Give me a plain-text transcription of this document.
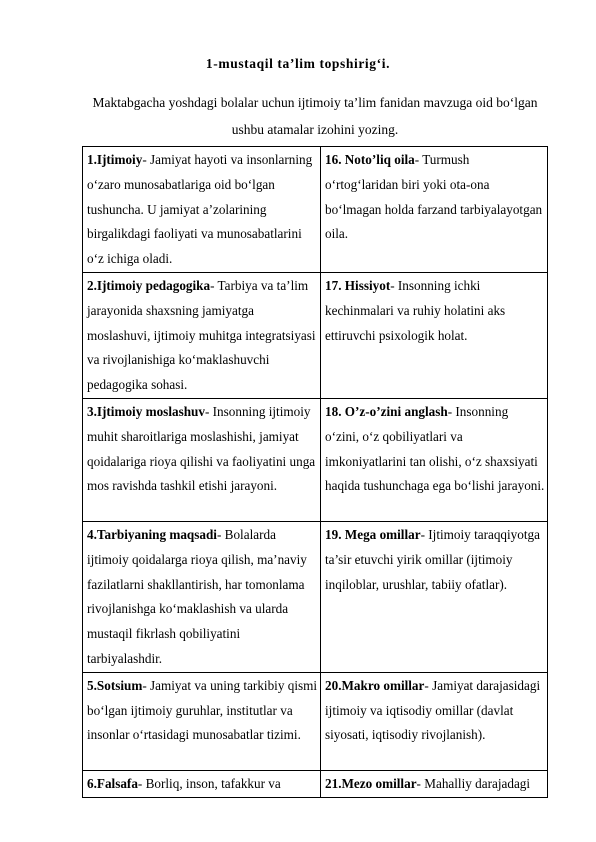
1-mustaqil ta’lim topshirig‘i.
Maktabgacha yoshdagi bolalar uchun ijtimoiy ta’lim fanidan mavzuga oid bo‘lgan ushbu atamalar izohini yozing.
1.Ijtimoiy- Jamiyat hayoti va insonlarning o‘zaro munosabatlariga oid bo‘lgan tushuncha. U jamiyat a’zolarining birgalikdagi faoliyati va munosabatlarini o‘z ichiga oladi.	16. Noto’liq oila- Turmush o‘rtog‘laridan biri yoki ota-ona bo‘lmagan holda farzand tarbiyalayotgan oila.
2.Ijtimoiy pedagogika- Tarbiya va ta’lim jarayonida shaxsning jamiyatga moslashuvi, ijtimoiy muhitga integratsiyasi va rivojlanishiga ko‘maklashuvchi pedagogika sohasi.	17. Hissiyot- Insonning ichki kechinmalari va ruhiy holatini aks ettiruvchi psixologik holat.
3.Ijtimoiy moslashuv- Insonning ijtimoiy muhit sharoitlariga moslashishi, jamiyat qoidalariga rioya qilishi va faoliyatini unga mos ravishda tashkil etishi jarayoni.	18. O’z-o’zini anglash- Insonning o‘zini, o‘z qobiliyatlari va imkoniyatlarini tan olishi, o‘z shaxsiyati haqida tushunchaga ega bo‘lishi jarayoni.
4.Tarbiyaning maqsadi- Bolalarda ijtimoiy qoidalarga rioya qilish, ma’naviy fazilatlarni shakllantirish, har tomonlama rivojlanishga ko‘maklashish va ularda mustaqil fikrlash qobiliyatini tarbiyalashdir.	19. Mega omillar- Ijtimoiy taraqqiyotga ta’sir etuvchi yirik omillar (ijtimoiy inqiloblar, urushlar, tabiiy ofatlar).
5.Sotsium- Jamiyat va uning tarkibiy qismi bo‘lgan ijtimoiy guruhlar, institutlar va insonlar o‘rtasidagi munosabatlar tizimi.	20.Makro omillar- Jamiyat darajasidagi ijtimoiy va iqtisodiy omillar (davlat siyosati, iqtisodiy rivojlanish).
6.Falsafa- Borliq, inson, tafakkur va	21.Mezo omillar- Mahalliy darajadagi
